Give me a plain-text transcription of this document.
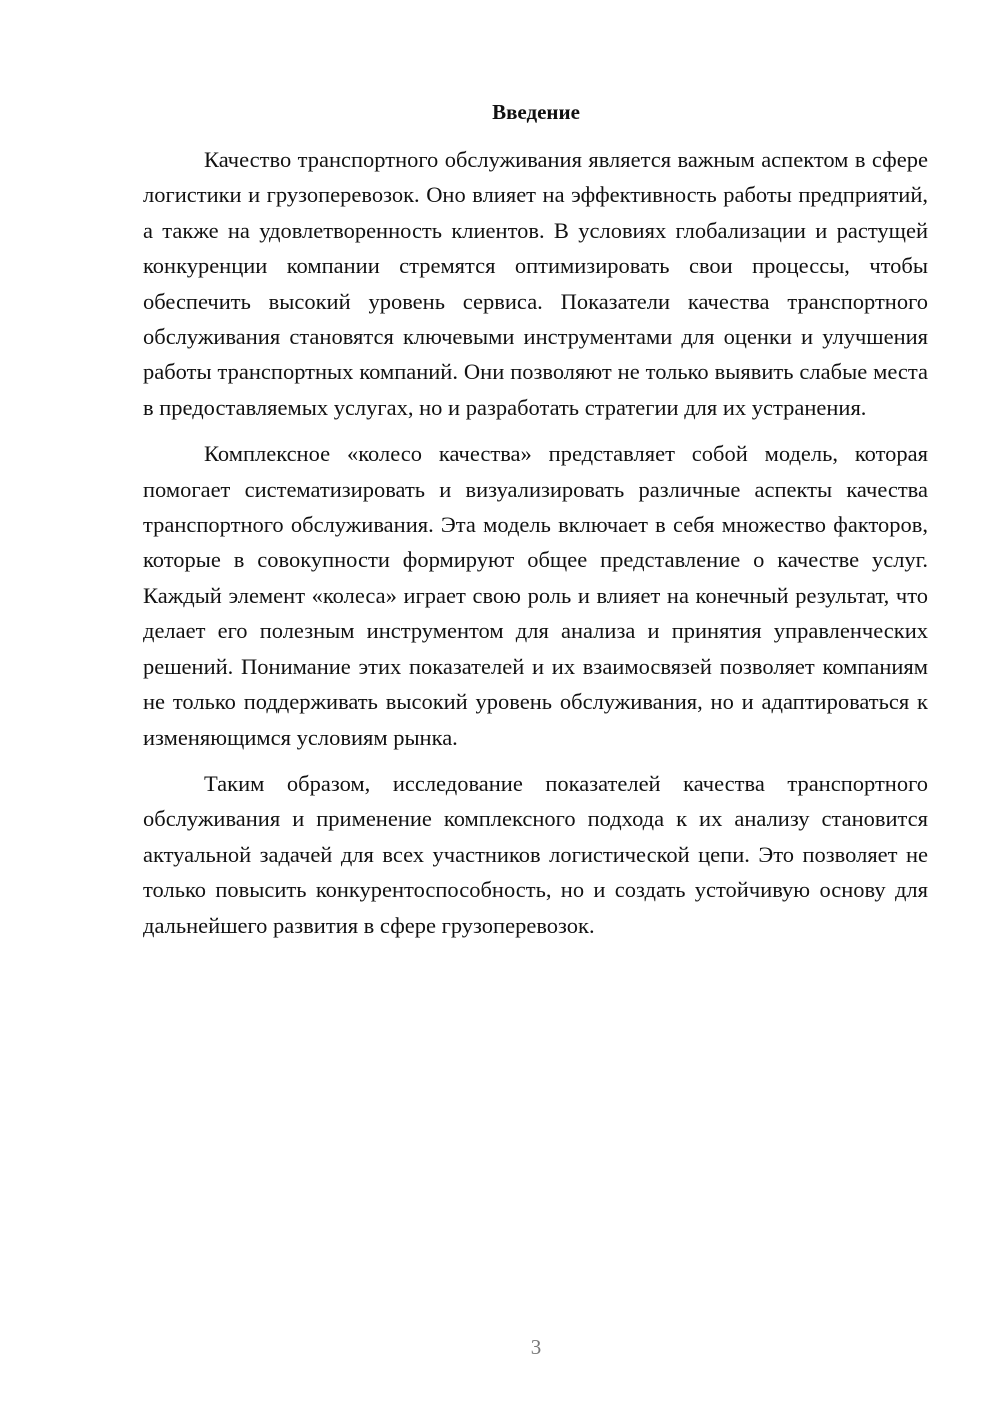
Введение

Качество транспортного обслуживания является важным аспектом в сфере логистики и грузоперевозок. Оно влияет на эффективность работы предприятий, а также на удовлетворенность клиентов. В условиях глобализации и растущей конкуренции компании стремятся оптимизировать свои процессы, чтобы обеспечить высокий уровень сервиса. Показатели качества транспортного обслуживания становятся ключевыми инструментами для оценки и улучшения работы транспортных компаний. Они позволяют не только выявить слабые места в предоставляемых услугах, но и разработать стратегии для их устранения.

Комплексное «колесо качества» представляет собой модель, которая помогает систематизировать и визуализировать различные аспекты качества транспортного обслуживания. Эта модель включает в себя множество факторов, которые в совокупности формируют общее представление о качестве услуг. Каждый элемент «колеса» играет свою роль и влияет на конечный результат, что делает его полезным инструментом для анализа и принятия управленческих решений. Понимание этих показателей и их взаимосвязей позволяет компаниям не только поддерживать высокий уровень обслуживания, но и адаптироваться к изменяющимся условиям рынка.

Таким образом, исследование показателей качества транспортного обслуживания и применение комплексного подхода к их анализу становится актуальной задачей для всех участников логистической цепи. Это позволяет не только повысить конкурентоспособность, но и создать устойчивую основу для дальнейшего развития в сфере грузоперевозок.

3
